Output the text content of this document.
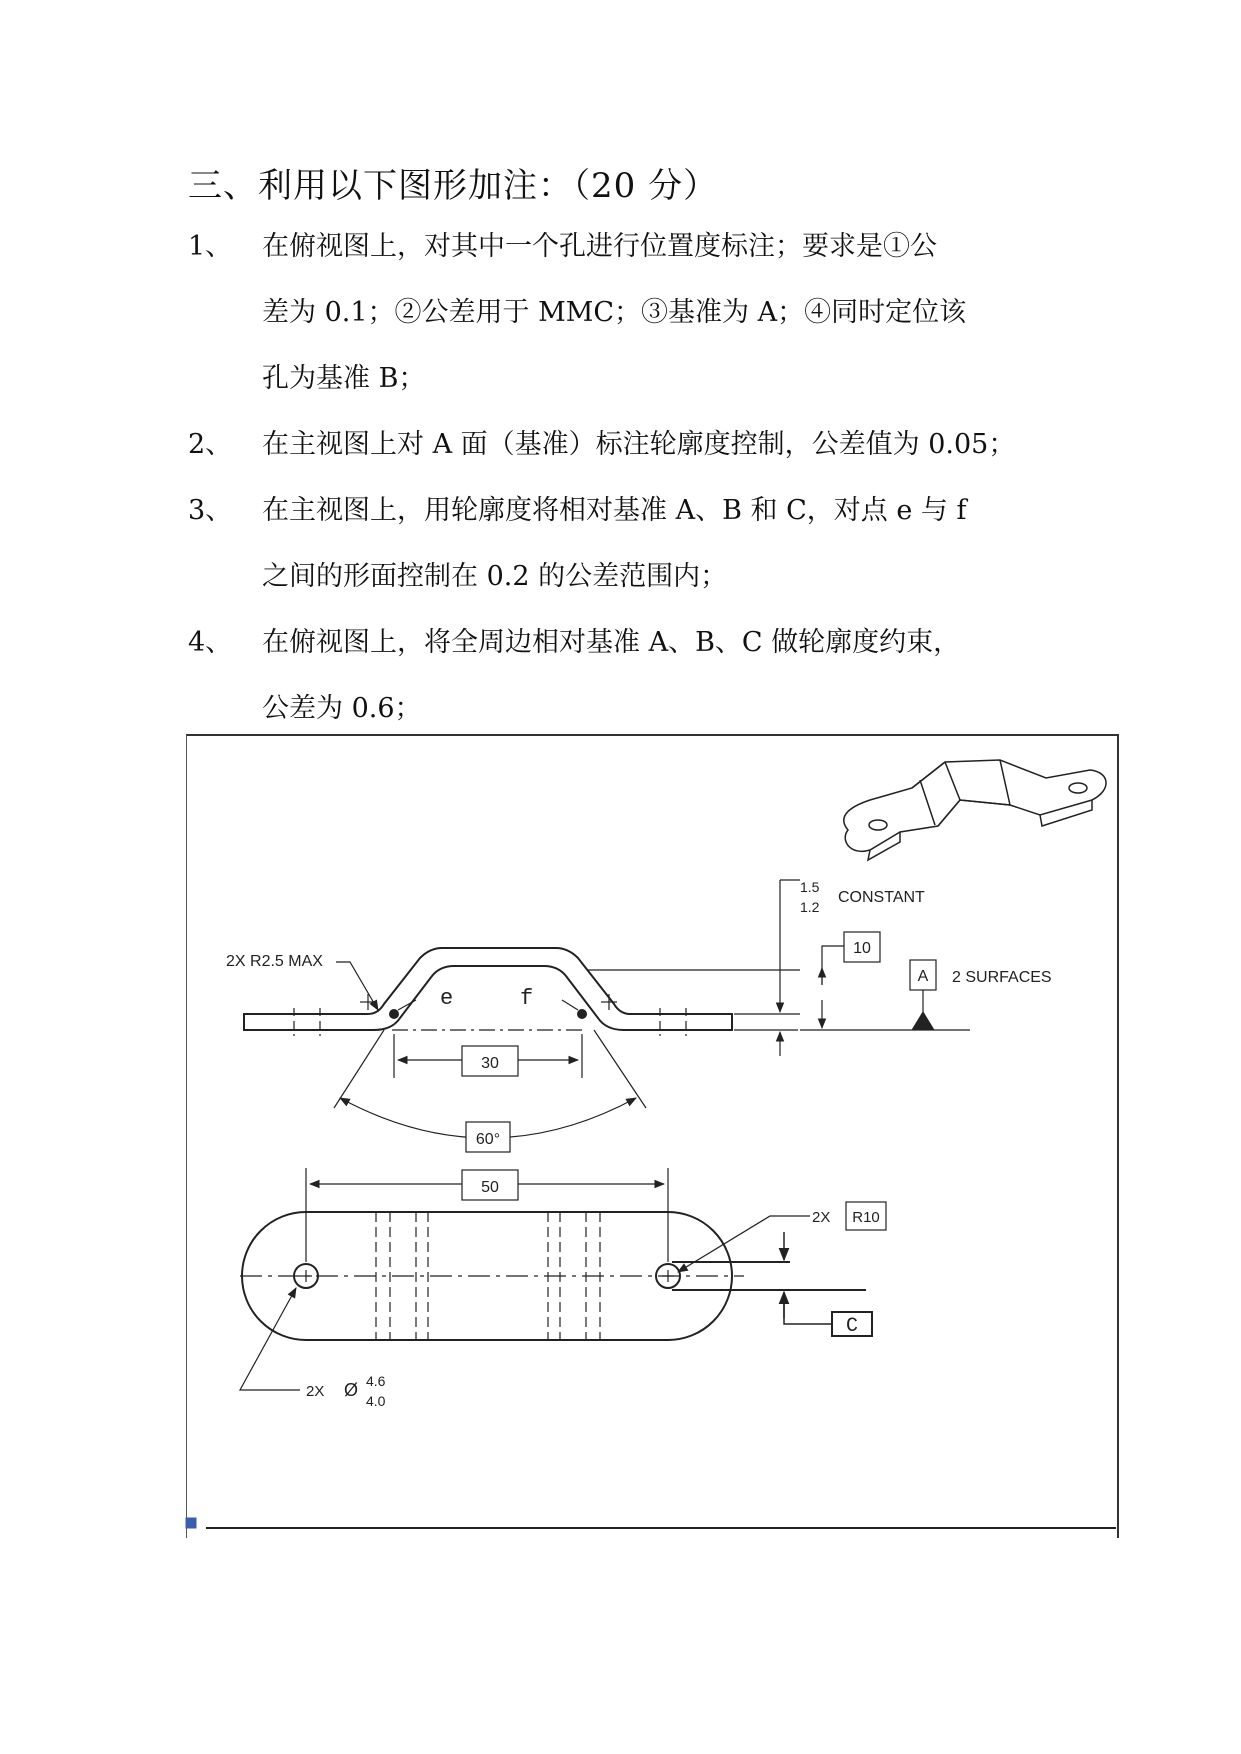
三、利用以下图形加注：（20 分）
1、 在俯视图上，对其中一个孔进行位置度标注；要求是①公
差为 0.1；②公差用于 MMC；③基准为 A；④同时定位该
孔为基准 B；
2、 在主视图上对 A 面（基准）标注轮廓度控制，公差值为 0.05；
3、 在主视图上，用轮廓度将相对基准 A、B 和 C，对点 e 与 f
之间的形面控制在 0.2 的公差范围内；
4、 在俯视图上，将全周边相对基准 A、B、C 做轮廓度约束，
公差为 0.6；
2X R2.5 MAX
e	f
30
60°
1.5
1.2
CONSTANT
10
A 2 SURFACES
50
2X R10
C
2X Ø 4.6
4.0
